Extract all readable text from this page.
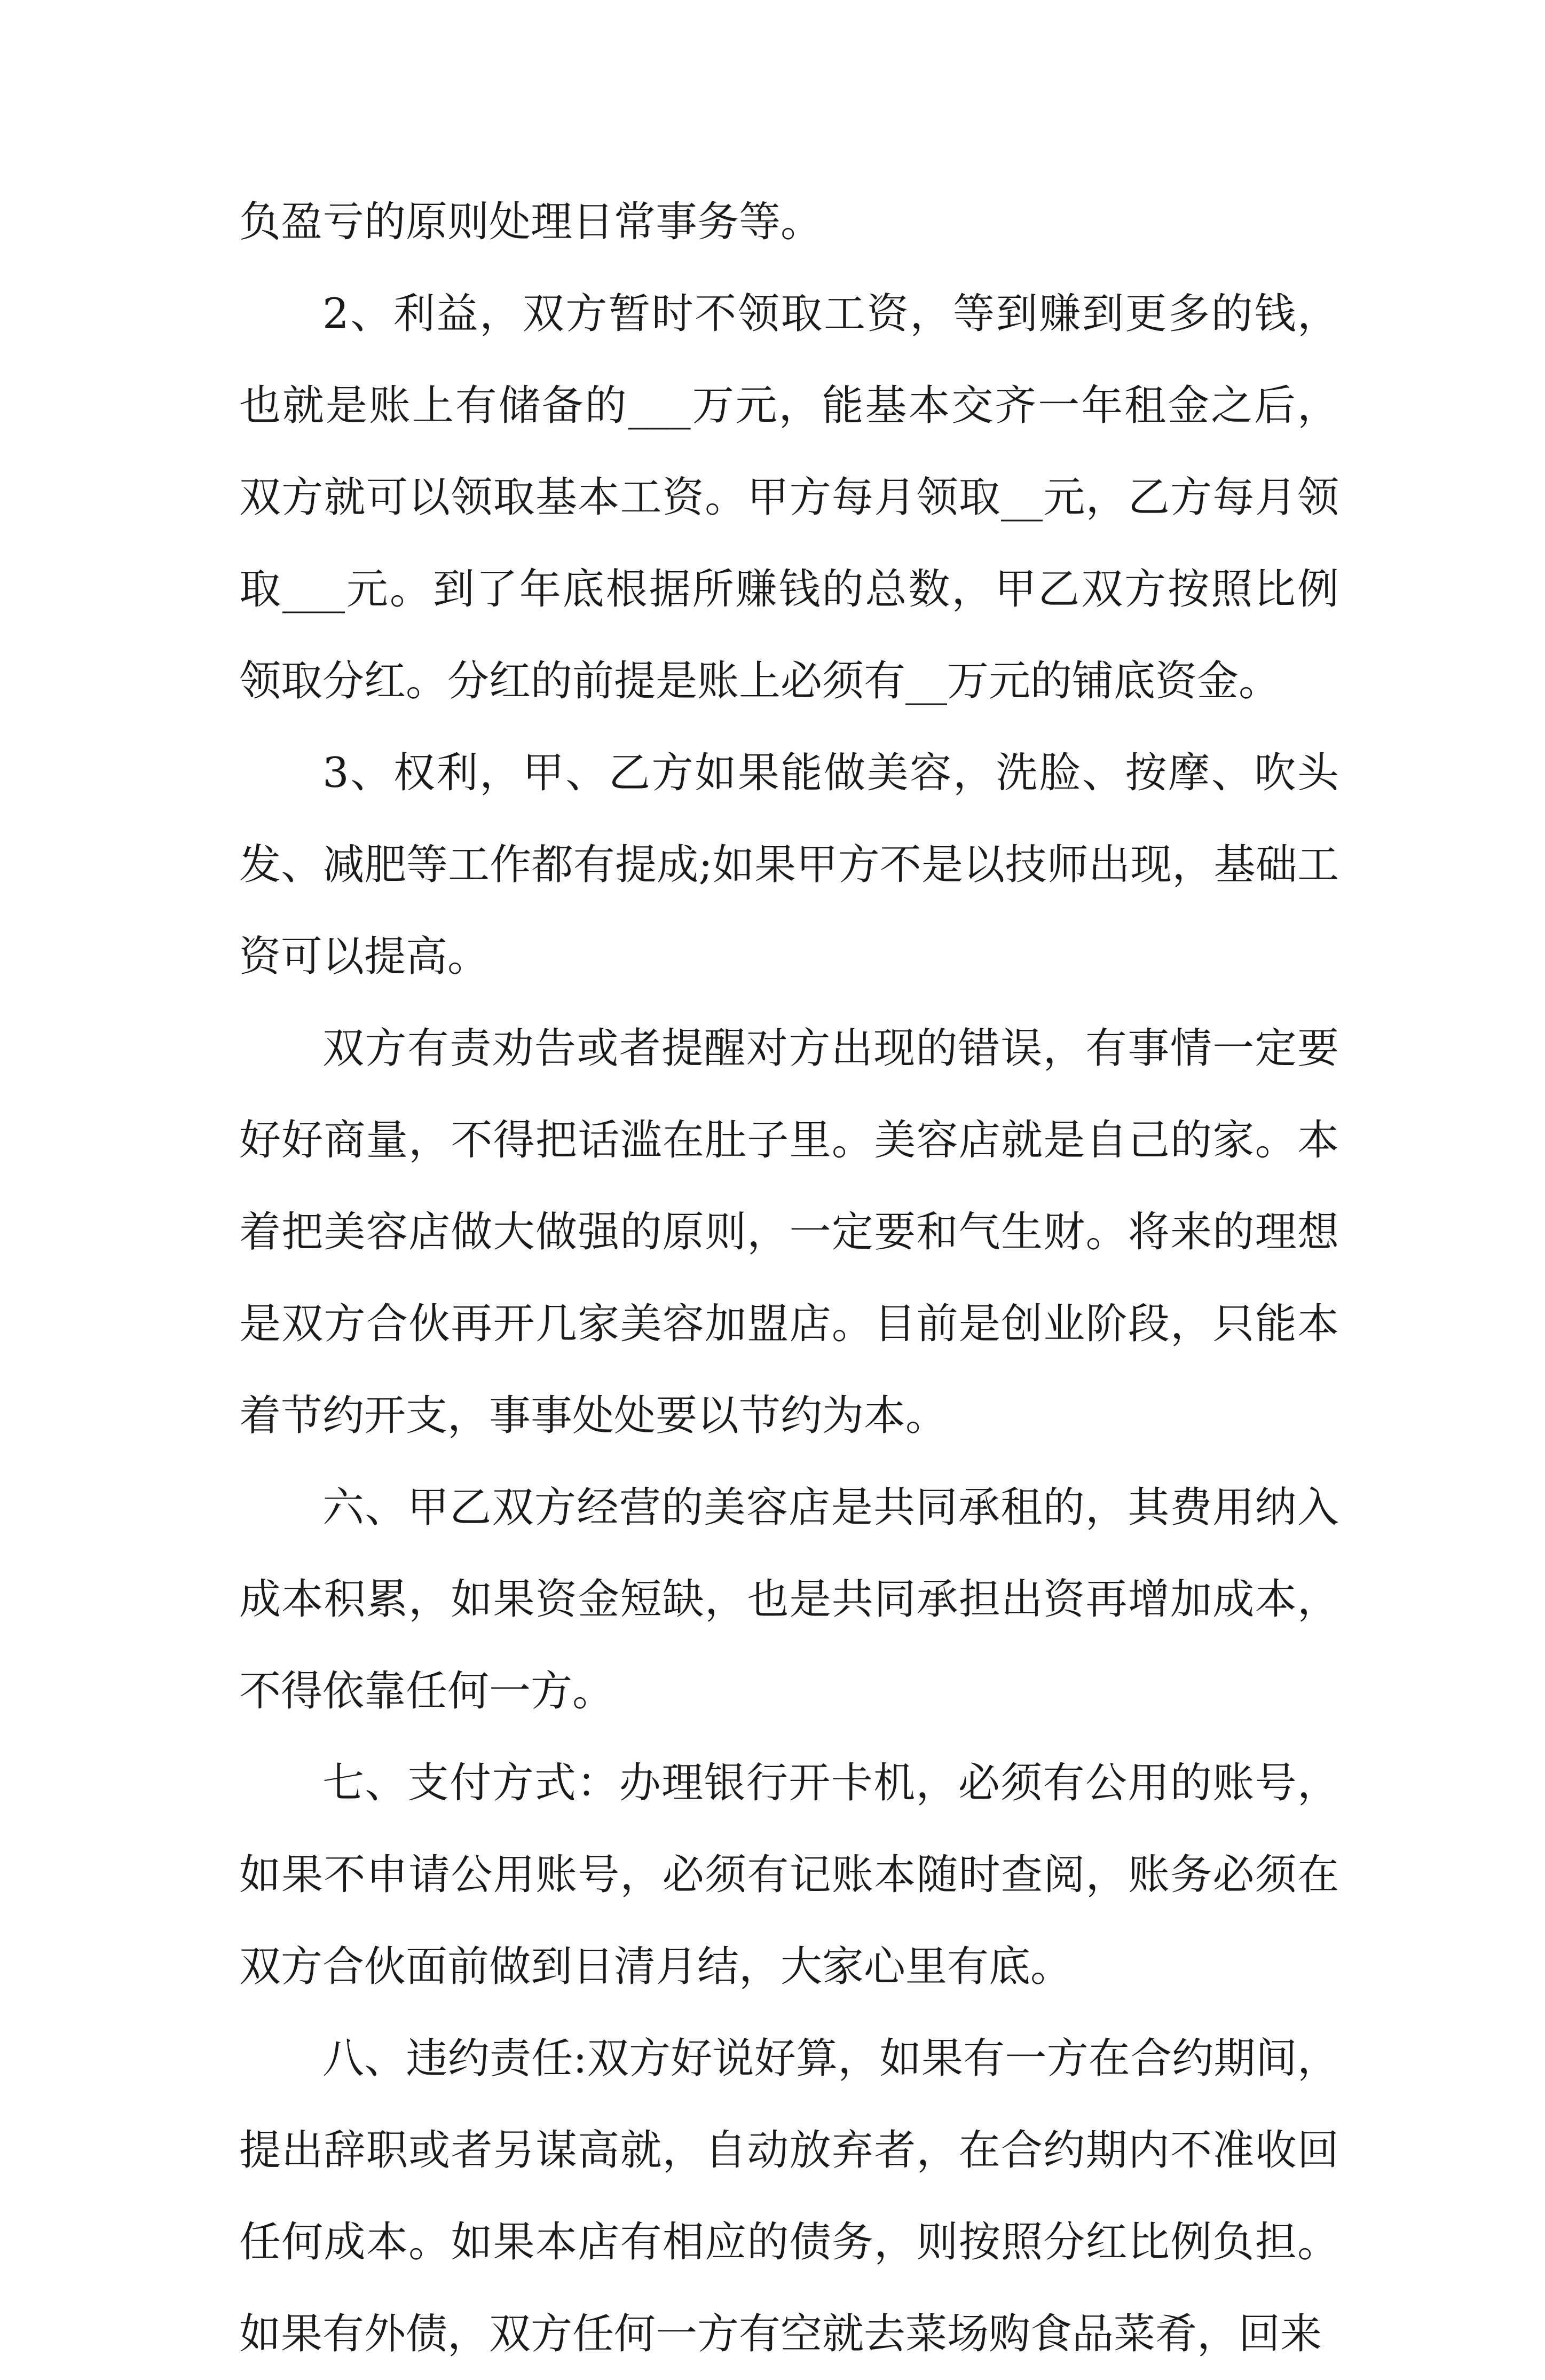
负盈亏的原则处理日常事务等。

2、利益，双方暂时不领取工资，等到赚到更多的钱，也就是账上有储备的___万元，能基本交齐一年租金之后，双方就可以领取基本工资。甲方每月领取__元，乙方每月领取___元。到了年底根据所赚钱的总数，甲乙双方按照比例领取分红。分红的前提是账上必须有__万元的铺底资金。

3、权利，甲、乙方如果能做美容，洗脸、按摩、吹头发、减肥等工作都有提成;如果甲方不是以技师出现，基础工资可以提高。

双方有责劝告或者提醒对方出现的错误，有事情一定要好好商量，不得把话滥在肚子里。美容店就是自己的家。本着把美容店做大做强的原则，一定要和气生财。将来的理想是双方合伙再开几家美容加盟店。目前是创业阶段，只能本着节约开支，事事处处要以节约为本。

六、甲乙双方经营的美容店是共同承租的，其费用纳入成本积累，如果资金短缺，也是共同承担出资再增加成本，不得依靠任何一方。

七、支付方式：办理银行开卡机，必须有公用的账号，如果不申请公用账号，必须有记账本随时查阅，账务必须在双方合伙面前做到日清月结，大家心里有底。

八、违约责任:双方好说好算，如果有一方在合约期间，提出辞职或者另谋高就，自动放弃者，在合约期内不准收回任何成本。如果本店有相应的债务，则按照分红比例负担。如果有外债，双方任何一方有空就去菜场购食品菜肴，回来
